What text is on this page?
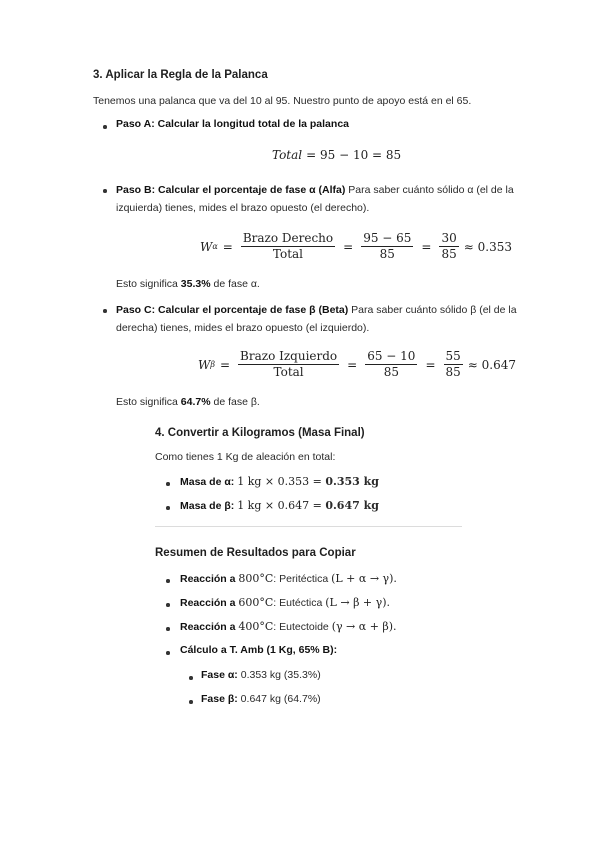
3. Aplicar la Regla de la Palanca
Tenemos una palanca que va del 10 al 95. Nuestro punto de apoyo está en el 65.
Paso A: Calcular la longitud total de la palanca
Total = 95 − 10 = 85
Paso B: Calcular el porcentaje de fase α (Alfa) Para saber cuánto sólido α (el de la izquierda) tienes, mides el brazo opuesto (el derecho).
W $\alpha = \frac{\text{Brazo Derecho}}{\text{Total}} = \frac{95 - 65}{85} = \frac{30}{85} \approx 0.353$
Esto significa 35.3% de fase α.
Paso C: Calcular el porcentaje de fase β (Beta) Para saber cuánto sólido β (el de la derecha) tienes, mides el brazo opuesto (el izquierdo).
W $\beta = \frac{\text{Brazo Izquierdo}}{\text{Total}} = \frac{65 - 10}{85} = \frac{55}{85} \approx 0.647$
Esto significa 64.7% de fase β.
4. Convertir a Kilogramos (Masa Final)
Como tienes 1 Kg de aleación en total:
Masa de α: 1 kg × 0.353 = 0.353 kg
Masa de β: 1 kg × 0.647 = 0.647 kg
Resumen de Resultados para Copiar
Reacción a 800°C: Peritéctica (L + α → γ).
Reacción a 600°C: Eutéctica (L → β + γ).
Reacción a 400°C: Eutectoide (γ → α + β).
Cálculo a T. Amb (1 Kg, 65% B):
Fase α: 0.353 kg (35.3%)
Fase β: 0.647 kg (64.7%)
